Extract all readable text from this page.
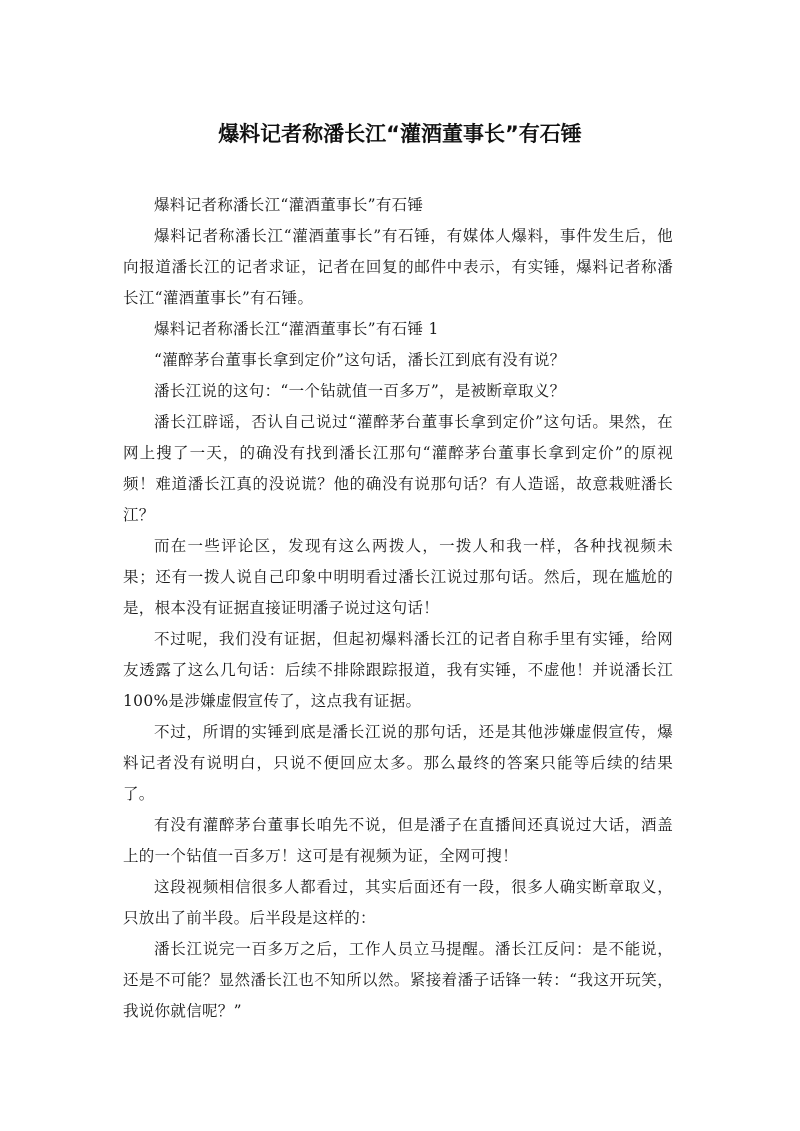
爆料记者称潘长江“灌酒董事长”有石锤

爆料记者称潘长江“灌酒董事长”有石锤

爆料记者称潘长江“灌酒董事长”有石锤，有媒体人爆料，事件发生后，他向报道潘长江的记者求证，记者在回复的邮件中表示，有实锤，爆料记者称潘长江“灌酒董事长”有石锤。

爆料记者称潘长江“灌酒董事长”有石锤 1

“灌醉茅台董事长拿到定价”这句话，潘长江到底有没有说？

潘长江说的这句：“一个钻就值一百多万”，是被断章取义？

潘长江辟谣，否认自己说过“灌醉茅台董事长拿到定价”这句话。果然，在网上搜了一天，的确没有找到潘长江那句“灌醉茅台董事长拿到定价”的原视频！难道潘长江真的没说谎？他的确没有说那句话？有人造谣，故意栽赃潘长江？

而在一些评论区，发现有这么两拨人，一拨人和我一样，各种找视频未果；还有一拨人说自己印象中明明看过潘长江说过那句话。然后，现在尴尬的是，根本没有证据直接证明潘子说过这句话！

不过呢，我们没有证据，但起初爆料潘长江的记者自称手里有实锤，给网友透露了这么几句话：后续不排除跟踪报道，我有实锤，不虚他！并说潘长江100%是涉嫌虚假宣传了，这点我有证据。

不过，所谓的实锤到底是潘长江说的那句话，还是其他涉嫌虚假宣传，爆料记者没有说明白，只说不便回应太多。那么最终的答案只能等后续的结果了。

有没有灌醉茅台董事长咱先不说，但是潘子在直播间还真说过大话，酒盖上的一个钻值一百多万！这可是有视频为证，全网可搜！

这段视频相信很多人都看过，其实后面还有一段，很多人确实断章取义，只放出了前半段。后半段是这样的：

潘长江说完一百多万之后，工作人员立马提醒。潘长江反问：是不能说，还是不可能？显然潘长江也不知所以然。紧接着潘子话锋一转：“我这开玩笑，我说你就信呢？”
